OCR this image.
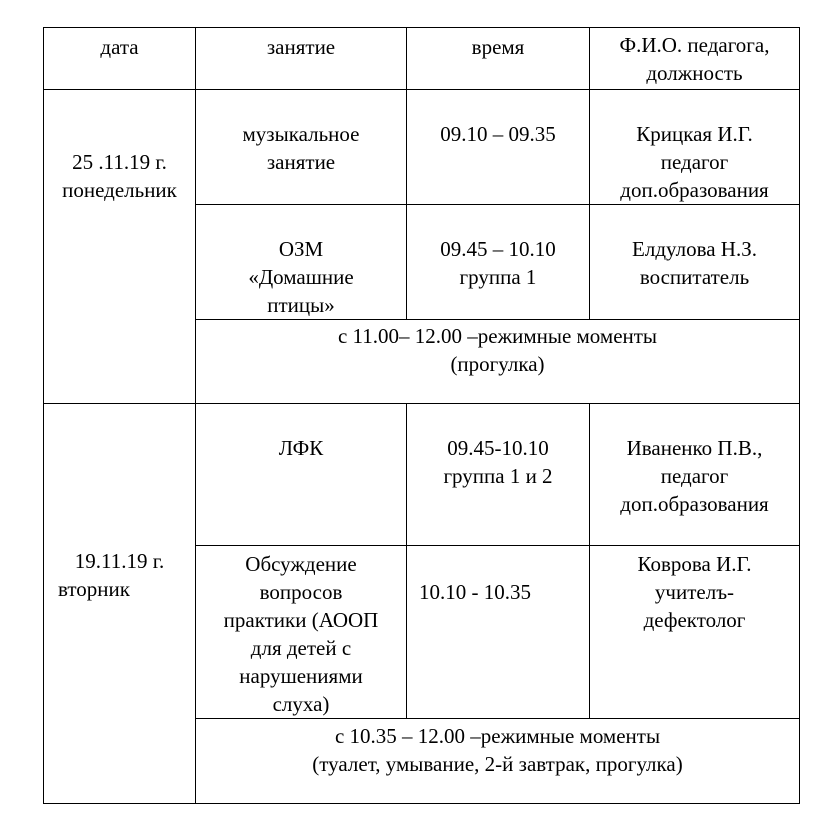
дата	занятие	время	Ф.И.О. педагога, должность

25 .11.19 г.
понедельник	музыкальное занятие	09.10 – 09.35	Крицкая И.Г. педагог доп.образования
	ОЗМ «Домашние птицы»	09.45 – 10.10 группа 1	Елдулова Н.З. воспитатель

	с 11.00– 12.00 –режимные моменты
(прогулка)		

19.11.19 г.
вторник	ЛФК	09.45-10.10 группа 1 и 2	Иваненко П.В., педагог доп.образования
	Обсуждение вопросов практики (АООП для детей с нарушениями слуха)	10.10 - 10.35	Коврова И.Г. учителъ-дефектолог

	с 10.35 – 12.00 –режимные моменты
(туалет, умывание, 2-й завтрак, прогулка)		
